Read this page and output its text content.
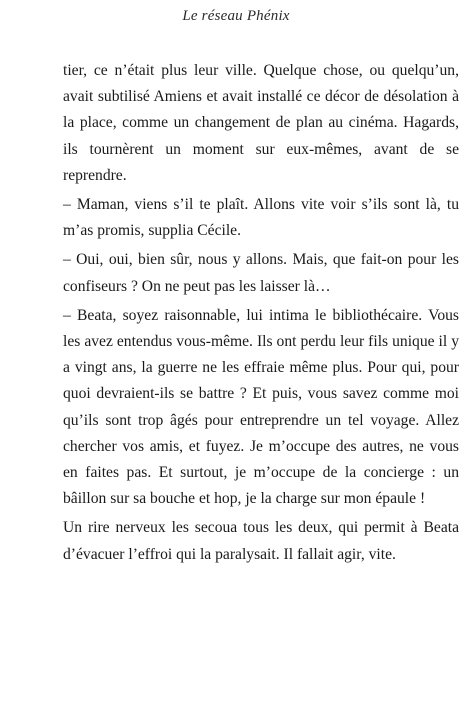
Le réseau Phénix

tier, ce n’était plus leur ville. Quelque chose, ou quelqu’un, avait subtilisé Amiens et avait installé ce décor de désolation à la place, comme un changement de plan au cinéma. Hagards, ils tournèrent un moment sur eux-mêmes, avant de se reprendre.

– Maman, viens s’il te plaît. Allons vite voir s’ils sont là, tu m’as promis, supplia Cécile.

– Oui, oui, bien sûr, nous y allons. Mais, que fait-on pour les confiseurs ? On ne peut pas les laisser là…

– Beata, soyez raisonnable, lui intima le bibliothécaire. Vous les avez entendus vous-même. Ils ont perdu leur fils unique il y a vingt ans, la guerre ne les effraie même plus. Pour qui, pour quoi devraient-ils se battre ? Et puis, vous savez comme moi qu’ils sont trop âgés pour entreprendre un tel voyage. Allez chercher vos amis, et fuyez. Je m’occupe des autres, ne vous en faites pas. Et surtout, je m’occupe de la concierge : un bâillon sur sa bouche et hop, je la charge sur mon épaule !

Un rire nerveux les secoua tous les deux, qui permit à Beata d’évacuer l’effroi qui la paralysait. Il fallait agir, vite.
